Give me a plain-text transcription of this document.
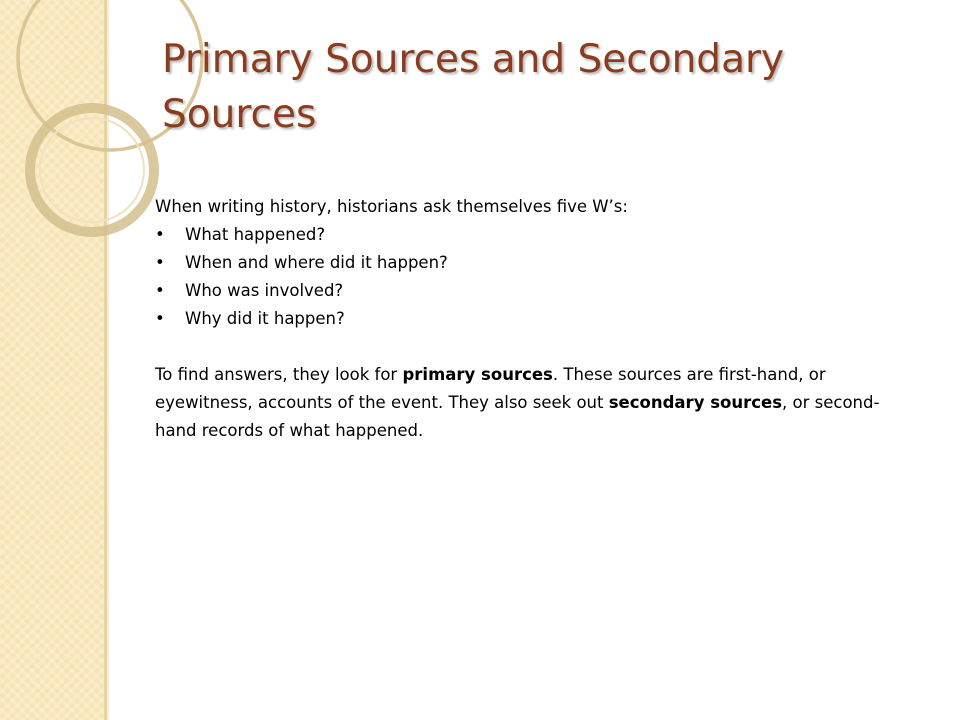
Primary Sources and Secondary Sources

When writing history, historians ask themselves five W’s:

• What happened?
• When and where did it happen?
• Who was involved?
• Why did it happen?

To find answers, they look for primary sources. These sources are first-hand, or eyewitness, accounts of the event. They also seek out secondary sources, or second-hand records of what happened.
